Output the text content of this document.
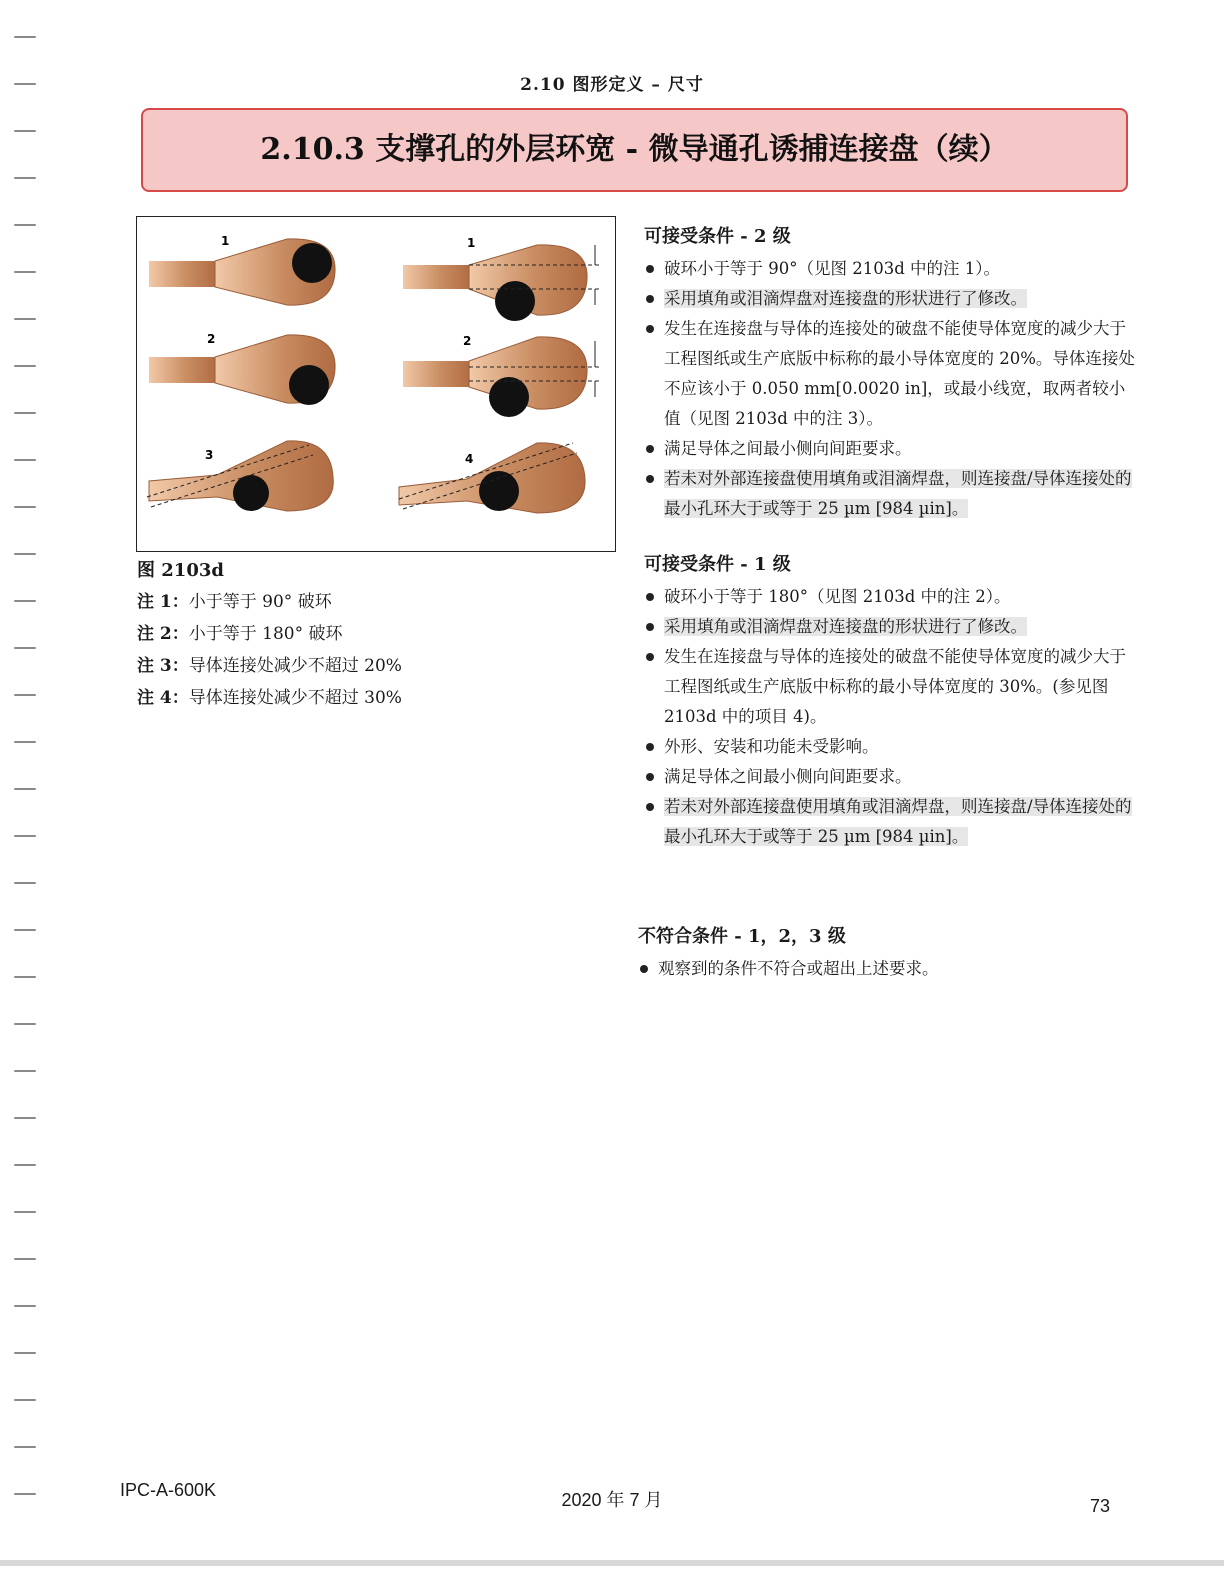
2.10 图形定义 – 尺寸
2.10.3 支撑孔的外层环宽 - 微导通孔诱捕连接盘（续）
1	1
2	2
3	4
图 2103d
注 1：小于等于 90° 破环
注 2：小于等于 180° 破环
注 3：导体连接处减少不超过 20%
注 4：导体连接处减少不超过 30%
可接受条件 - 2 级
破环小于等于 90°（见图 2103d 中的注 1）。
采用填角或泪滴焊盘对连接盘的形状进行了修改。
发生在连接盘与导体的连接处的破盘不能使导体宽度的减少大于工程图纸或生产底版中标称的最小导体宽度的 20%。导体连接处不应该小于 0.050 mm[0.0020 in]，或最小线宽，取两者较小值（见图 2103d 中的注 3）。
满足导体之间最小侧向间距要求。
若未对外部连接盘使用填角或泪滴焊盘，则连接盘/导体连接处的最小孔环大于或等于 25 µm [984 µin]。
可接受条件 - 1 级
破环小于等于 180°（见图 2103d 中的注 2）。
采用填角或泪滴焊盘对连接盘的形状进行了修改。
发生在连接盘与导体的连接处的破盘不能使导体宽度的减少大于工程图纸或生产底版中标称的最小导体宽度的 30%。(参见图 2103d 中的项目 4)。
外形、安装和功能未受影响。
满足导体之间最小侧向间距要求。
若未对外部连接盘使用填角或泪滴焊盘，则连接盘/导体连接处的最小孔环大于或等于 25 µm [984 µin]。
不符合条件 - 1，2，3 级
观察到的条件不符合或超出上述要求。
IPC-A-600K	2020 年 7 月	73
